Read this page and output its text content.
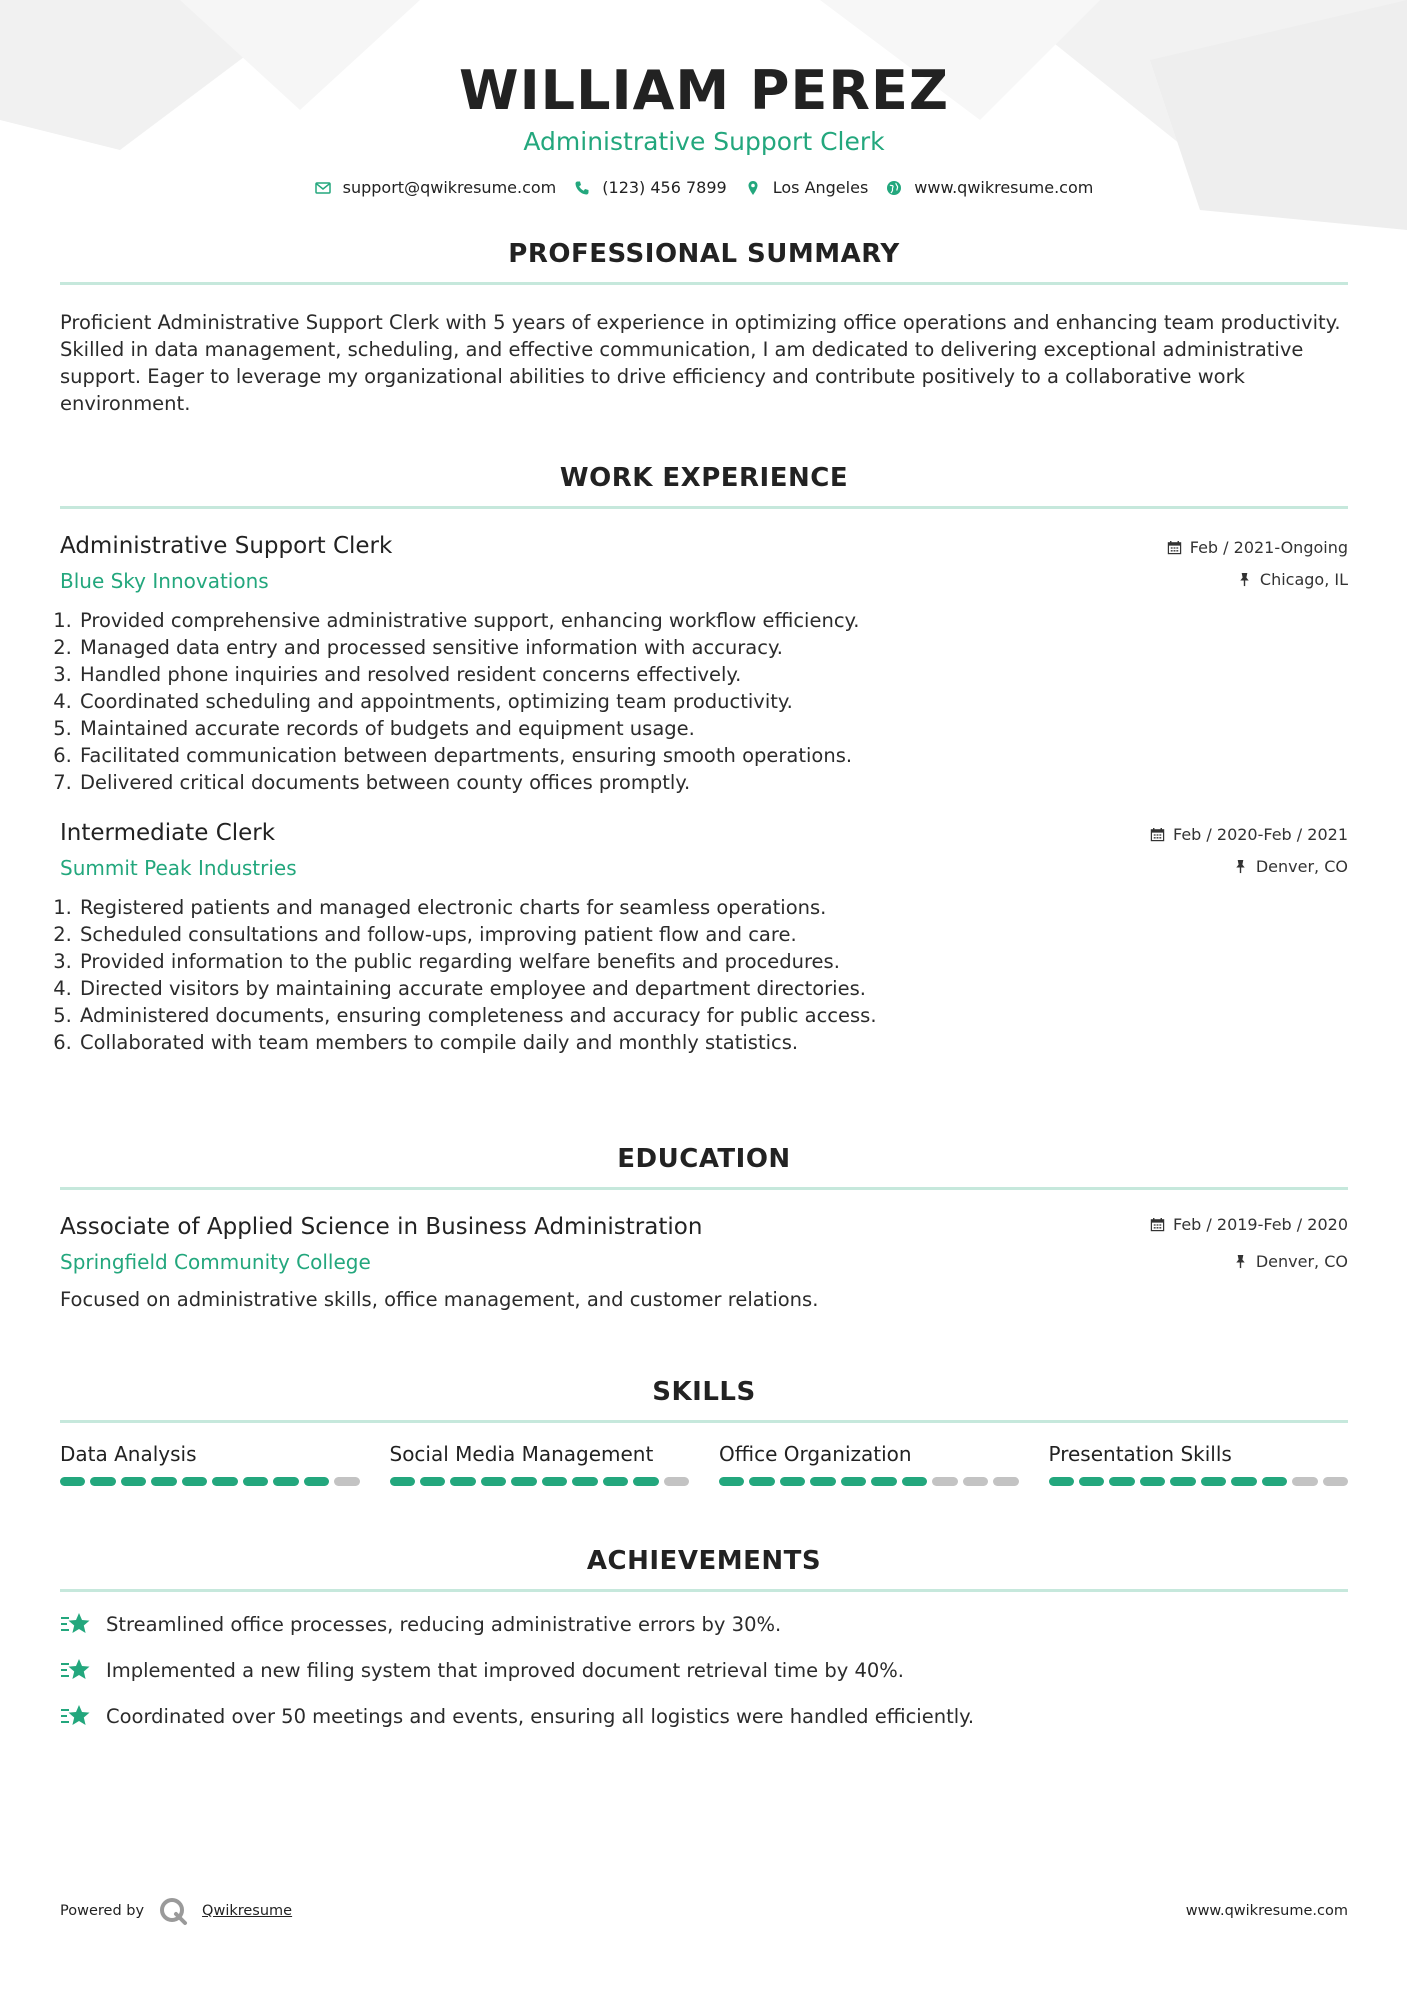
WILLIAM PEREZ
Administrative Support Clerk
support@qwikresume.com	(123) 456 7899	Los Angeles	www.qwikresume.com
PROFESSIONAL SUMMARY
Proficient Administrative Support Clerk with 5 years of experience in optimizing office operations and enhancing team productivity. Skilled in data management, scheduling, and effective communication, I am dedicated to delivering exceptional administrative support. Eager to leverage my organizational abilities to drive efficiency and contribute positively to a collaborative work environment.
WORK EXPERIENCE
Administrative Support Clerk
Blue Sky Innovations
Feb / 2021-Ongoing
Chicago, IL
1. Provided comprehensive administrative support, enhancing workflow efficiency.
2. Managed data entry and processed sensitive information with accuracy.
3. Handled phone inquiries and resolved resident concerns effectively.
4. Coordinated scheduling and appointments, optimizing team productivity.
5. Maintained accurate records of budgets and equipment usage.
6. Facilitated communication between departments, ensuring smooth operations.
7. Delivered critical documents between county offices promptly.
Intermediate Clerk
Summit Peak Industries
Feb / 2020-Feb / 2021
Denver, CO
1. Registered patients and managed electronic charts for seamless operations.
2. Scheduled consultations and follow-ups, improving patient flow and care.
3. Provided information to the public regarding welfare benefits and procedures.
4. Directed visitors by maintaining accurate employee and department directories.
5. Administered documents, ensuring completeness and accuracy for public access.
6. Collaborated with team members to compile daily and monthly statistics.
EDUCATION
Associate of Applied Science in Business Administration
Springfield Community College
Feb / 2019-Feb / 2020
Denver, CO
Focused on administrative skills, office management, and customer relations.
SKILLS
Data Analysis	Social Media Management	Office Organization	Presentation Skills
ACHIEVEMENTS
Streamlined office processes, reducing administrative errors by 30%.
Implemented a new filing system that improved document retrieval time by 40%.
Coordinated over 50 meetings and events, ensuring all logistics were handled efficiently.
Powered by	Qwikresume	www.qwikresume.com
